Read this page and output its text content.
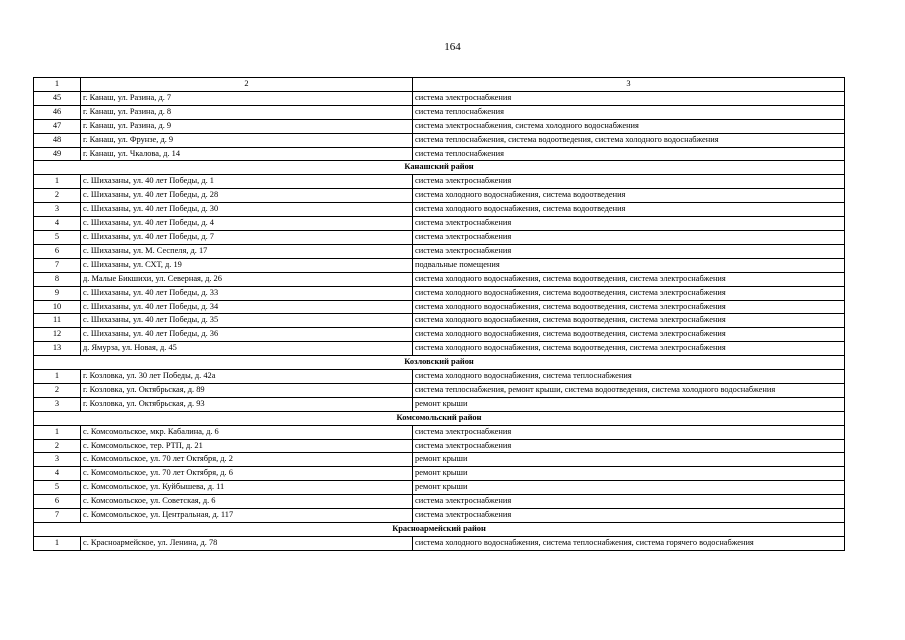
164
1	2	3
45	г. Канаш, ул. Разина, д. 7	система электроснабжения
46	г. Канаш, ул. Разина, д. 8	система теплоснабжения
47	г. Канаш, ул. Разина, д. 9	система электроснабжения, система холодного водоснабжения
48	г. Канаш, ул. Фрунзе, д. 9	система теплоснабжения, система водоотведения, система холодного водоснабжения
49	г. Канаш, ул. Чкалова, д. 14	система теплоснабжения
Канашский район		
1	с. Шихазаны, ул. 40 лет Победы, д. 1	система электроснабжения
2	с. Шихазаны, ул. 40 лет Победы, д. 28	система холодного водоснабжения, система водоотведения
3	с. Шихазаны, ул. 40 лет Победы, д. 30	система холодного водоснабжения, система водоотведения
4	с. Шихазаны, ул. 40 лет Победы, д. 4	система электроснабжения
5	с. Шихазаны, ул. 40 лет Победы, д. 7	система электроснабжения
6	с. Шихазаны, ул. М. Сеспеля, д. 17	система электроснабжения
7	с. Шихазаны, ул. СХТ, д. 19	подвальные помещения
8	д. Малые Бикшихи, ул. Северная, д. 26	система холодного водоснабжения, система водоотведения, система электроснабжения
9	с. Шихазаны, ул. 40 лет Победы, д. 33	система холодного водоснабжения, система водоотведения, система электроснабжения
10	с. Шихазаны, ул. 40 лет Победы, д. 34	система холодного водоснабжения, система водоотведения, система электроснабжения
11	с. Шихазаны, ул. 40 лет Победы, д. 35	система холодного водоснабжения, система водоотведения, система электроснабжения
12	с. Шихазаны, ул. 40 лет Победы, д. 36	система холодного водоснабжения, система водоотведения, система электроснабжения
13	д. Ямурза, ул. Новая, д. 45	система холодного водоснабжения, система водоотведения, система электроснабжения
Козловский район		
1	г. Козловка, ул. 30 лет Победы, д. 42а	система холодного водоснабжения, система теплоснабжения
2	г. Козловка, ул. Октябрьская, д. 89	система теплоснабжения, ремонт крыши, система водоотведения, система холодного водоснабжения
3	г. Козловка, ул. Октябрьская, д. 93	ремонт крыши
Комсомольский район		
1	с. Комсомольское, мкр. Кабалина, д. 6	система электроснабжения
2	с. Комсомольское, тер. РТП, д. 21	система электроснабжения
3	с. Комсомольское, ул. 70 лет Октября, д. 2	ремонт крыши
4	с. Комсомольское, ул. 70 лет Октября, д. 6	ремонт крыши
5	с. Комсомольское, ул. Куйбышева, д. 11	ремонт крыши
6	с. Комсомольское, ул. Советская, д. 6	система электроснабжения
7	с. Комсомольское, ул. Центральная, д. 117	система электроснабжения
Красноармейский район		
1	с. Красноармейское, ул. Ленина, д. 78	система холодного водоснабжения, система теплоснабжения, система горячего водоснабжения
